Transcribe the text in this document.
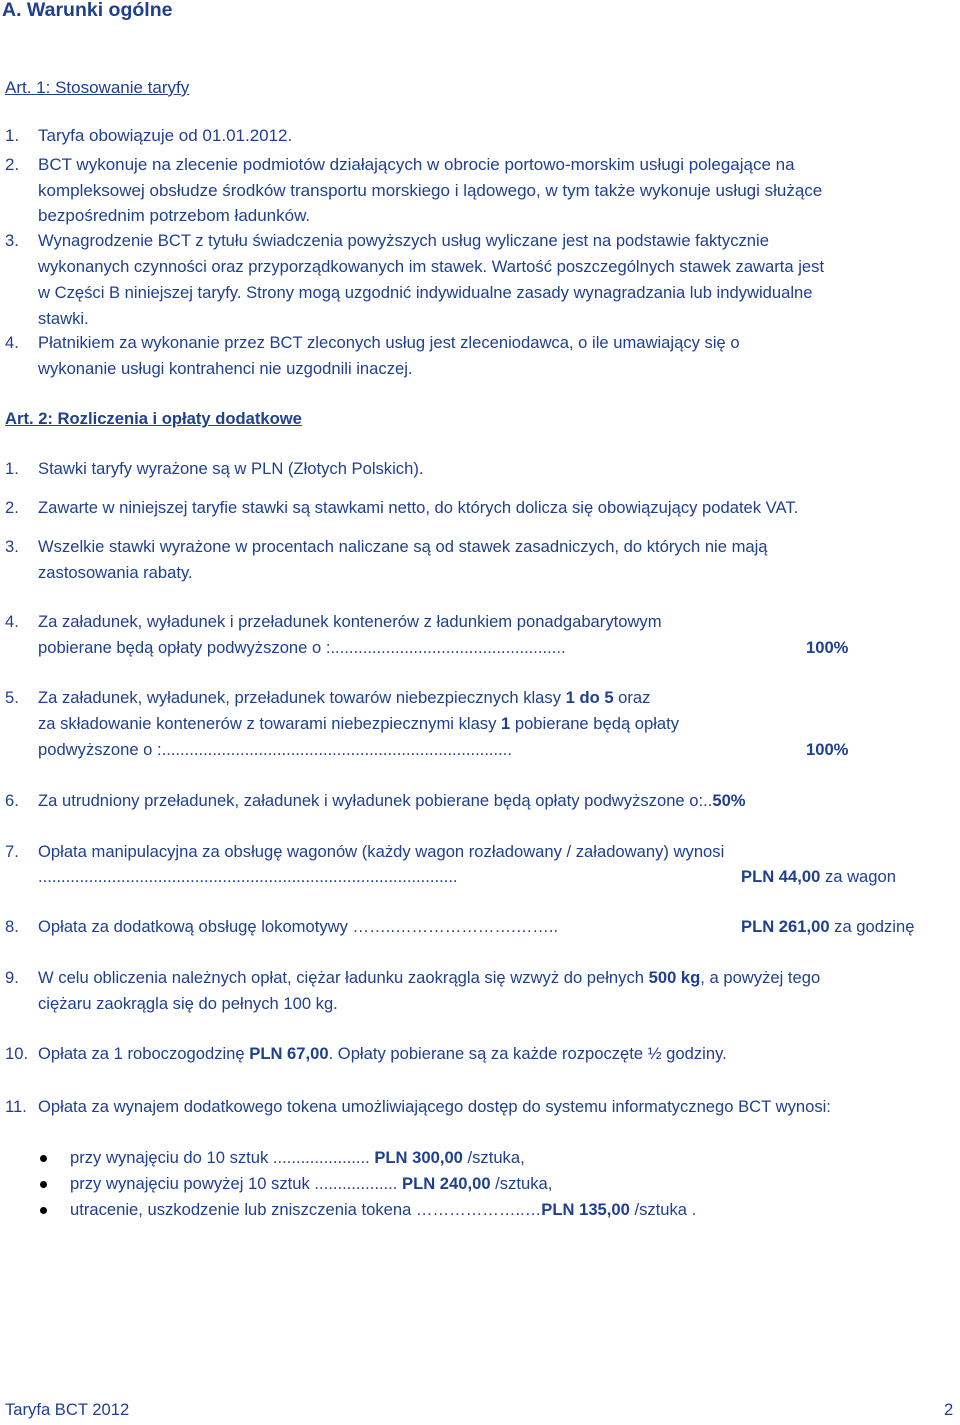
A. Warunki ogólne
Art. 1: Stosowanie taryfy
1. Taryfa obowiązuje od 01.01.2012.
2. BCT wykonuje na zlecenie podmiotów działających w obrocie portowo-morskim usługi polegające na
kompleksowej obsłudze środków transportu morskiego i lądowego, w tym także wykonuje usługi służące
bezpośrednim potrzebom ładunków.
3. Wynagrodzenie BCT z tytułu świadczenia powyższych usług wyliczane jest na podstawie faktycznie
wykonanych czynności oraz przyporządkowanych im stawek. Wartość poszczególnych stawek zawarta jest
w Części B niniejszej taryfy. Strony mogą uzgodnić indywidualne zasady wynagradzania lub indywidualne
stawki.
4. Płatnikiem za wykonanie przez BCT zleconych usług jest zleceniodawca, o ile umawiający się o
wykonanie usługi kontrahenci nie uzgodnili inaczej.
Art. 2: Rozliczenia i opłaty dodatkowe
1. Stawki taryfy wyrażone są w PLN (Złotych Polskich).
2. Zawarte w niniejszej taryfie stawki są stawkami netto, do których dolicza się obowiązujący podatek VAT.
3. Wszelkie stawki wyrażone w procentach naliczane są od stawek zasadniczych, do których nie mają
zastosowania rabaty.
4. Za załadunek, wyładunek i przeładunek kontenerów z ładunkiem ponadgabarytowym
pobierane będą opłaty podwyższone o :...................................................	100%
5. Za załadunek, wyładunek, przeładunek towarów niebezpiecznych klasy 1 do 5 oraz
za składowanie kontenerów z towarami niebezpiecznymi klasy 1 pobierane będą opłaty
podwyższone o :............................................................................	100%
6. Za utrudniony przeładunek, załadunek i wyładunek pobierane będą opłaty podwyższone o:..50%
7. Opłata manipulacyjna za obsługę wagonów (każdy wagon rozładowany / załadowany) wynosi
...........................................................................................	PLN 44,00 za wagon
8. Opłata za dodatkową obsługę lokomotywy ……..………………….……..	PLN 261,00 za godzinę
9. W celu obliczenia należnych opłat, ciężar ładunku zaokrągla się wzwyż do pełnych 500 kg, a powyżej tego
ciężaru zaokrągla się do pełnych 100 kg.
10. Opłata za 1 roboczogodzinę PLN 67,00. Opłaty pobierane są za każde rozpoczęte ½ godziny.
11. Opłata za wynajem dodatkowego tokena umożliwiającego dostęp do systemu informatycznego BCT wynosi:
przy wynajęciu do 10 sztuk ..................... PLN 300,00 /sztuka,
przy wynajęciu powyżej 10 sztuk .................. PLN 240,00 /sztuka,
utracenie, uszkodzenie lub zniszczenia tokena ………………..…PLN 135,00 /sztuka .
Taryfa BCT 2012	2
